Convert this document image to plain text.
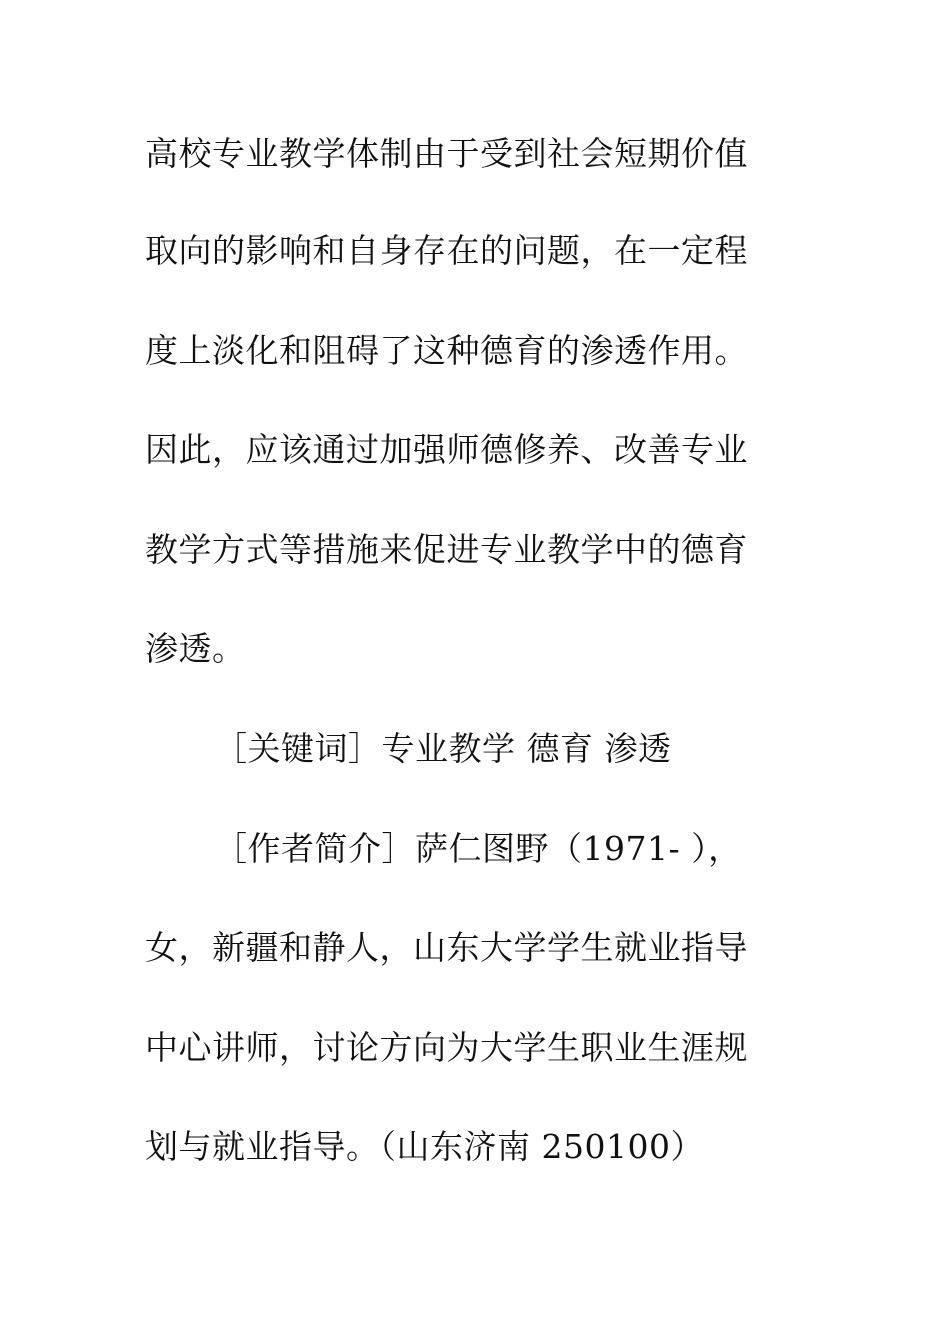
高校专业教学体制由于受到社会短期价值
取向的影响和自身存在的问题，在一定程
度上淡化和阻碍了这种德育的渗透作用。
因此，应该通过加强师德修养、改善专业
教学方式等措施来促进专业教学中的德育
渗透。
［关键词］专业教学 德育 渗透
［作者简介］萨仁图野（1971- ），
女，新疆和静人，山东大学学生就业指导
中心讲师，讨论方向为大学生职业生涯规
划与就业指导。（山东济南 250100）
